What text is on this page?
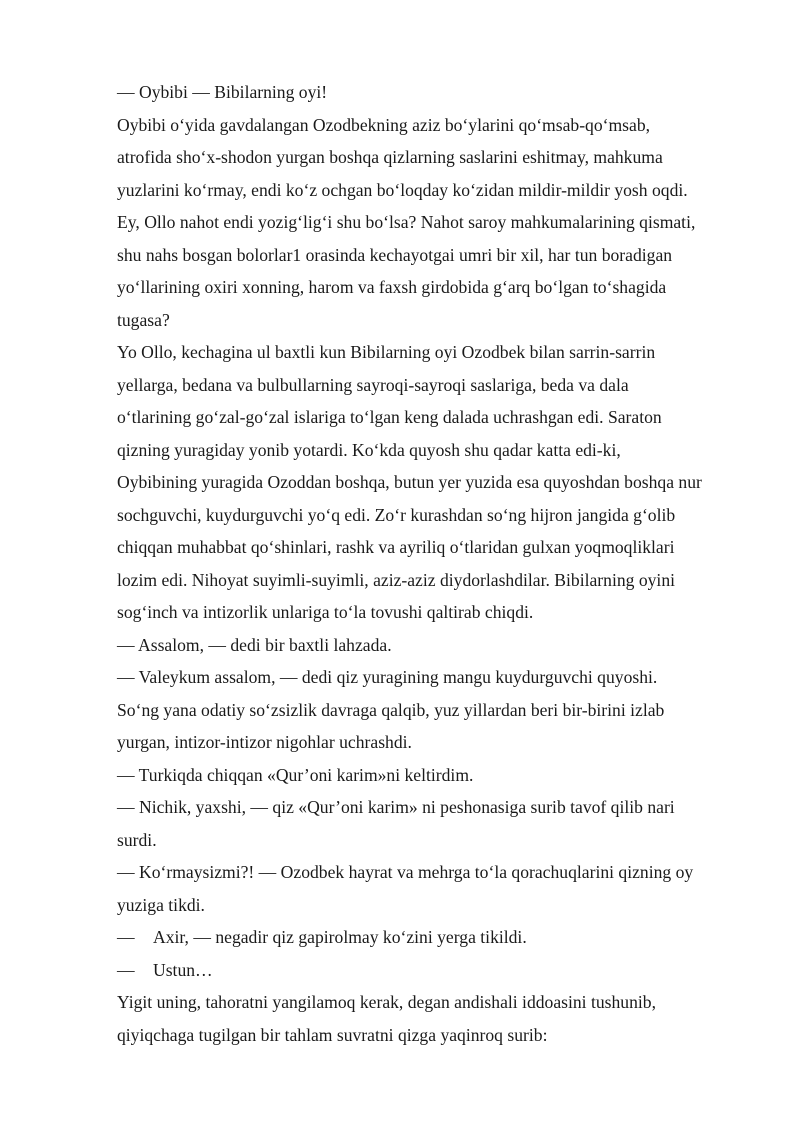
— Oybibi — Bibilarning oyi!
Oybibi o‘yida gavdalangan Ozodbekning aziz bo‘ylarini qo‘msab-qo‘msab,
atrofida sho‘x-shodon yurgan boshqa qizlarning saslarini eshitmay, mahkuma
yuzlarini ko‘rmay, endi ko‘z ochgan bo‘loqday ko‘zidan mildir-mildir yosh oqdi.
Ey, Ollo nahot endi yozig‘lig‘i shu bo‘lsa? Nahot saroy mahkumalarining qismati,
shu nahs bosgan bolorlar1 orasinda kechayotgai umri bir xil, har tun boradigan
yo‘llarining oxiri xonning, harom va faxsh girdobida g‘arq bo‘lgan to‘shagida
tugasa?
Yo Ollo, kechagina ul baxtli kun Bibilarning oyi Ozodbek bilan sarrin-sarrin
yellarga, bedana va bulbullarning sayroqi-sayroqi saslariga, beda va dala
o‘tlarining go‘zal-go‘zal islariga to‘lgan keng dalada uchrashgan edi. Saraton
qizning yuragiday yonib yotardi. Ko‘kda quyosh shu qadar katta edi-ki,
Oybibining yuragida Ozoddan boshqa, butun yer yuzida esa quyoshdan boshqa nur
sochguvchi, kuydurguvchi yo‘q edi. Zo‘r kurashdan so‘ng hijron jangida g‘olib
chiqqan muhabbat qo‘shinlari, rashk va ayriliq o‘tlaridan gulxan yoqmoqliklari
lozim edi. Nihoyat suyimli-suyimli, aziz-aziz diydorlashdilar. Bibilarning oyini
sog‘inch va intizorlik unlariga to‘la tovushi qaltirab chiqdi.
— Assalom, — dedi bir baxtli lahzada.
— Valeykum assalom, — dedi qiz yuragining mangu kuydurguvchi quyoshi.
So‘ng yana odatiy so‘zsizlik davraga qalqib, yuz yillardan beri bir-birini izlab
yurgan, intizor-intizor nigohlar uchrashdi.
— Turkiqda chiqqan «Qur’oni karim»ni keltirdim.
— Nichik, yaxshi, — qiz «Qur’oni karim» ni peshonasiga surib tavof qilib nari
surdi.
— Ko‘rmaysizmi?! — Ozodbek hayrat va mehrga to‘la qorachuqlarini qizning oy
yuziga tikdi.
—	Axir, — negadir qiz gapirolmay ko‘zini yerga tikildi.
—	Ustun…
Yigit uning, tahoratni yangilamoq kerak, degan andishali iddoasini tushunib,
qiyiqchaga tugilgan bir tahlam suvratni qizga yaqinroq surib:
